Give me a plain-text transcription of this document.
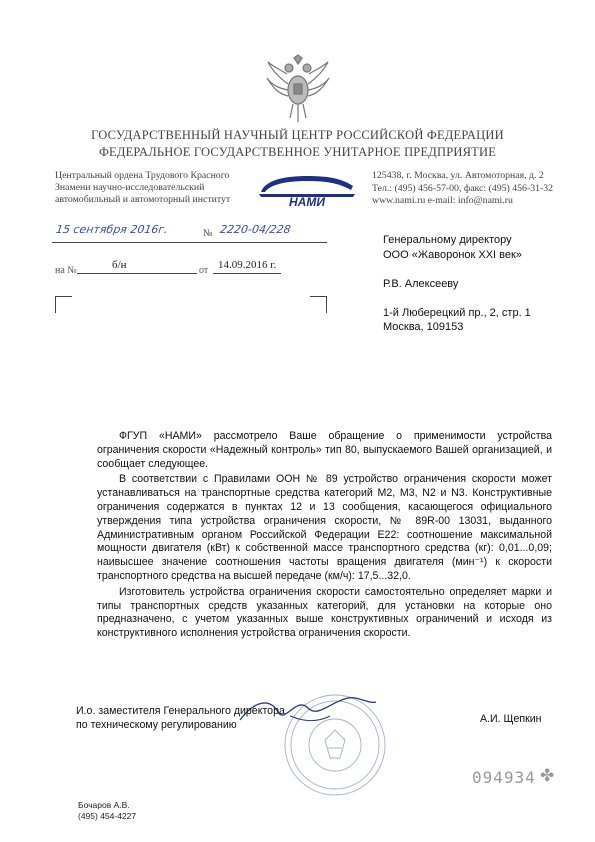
ГОСУДАРСТВЕННЫЙ НАУЧНЫЙ ЦЕНТР РОССИЙСКОЙ ФЕДЕРАЦИИ
ФЕДЕРАЛЬНОЕ ГОСУДАРСТВЕННОЕ УНИТАРНОЕ ПРЕДПРИЯТИЕ
Центральный ордена Трудового Красного
Знамени научно-исследовательский
автомобильный и автомоторный институт	НАМИ
125438, г. Москва, ул. Автомоторная, д. 2
Тел.: (495) 456-57-00, факс: (495) 456-31-32
www.nami.ru e-mail: info@nami.ru
15 сентября 2016г.	№ 2220-04/228
на №	б/н	от 14.09.2016 г.
Генеральному директору
ООО «Жаворонок XXI век»
Р.В. Алексееву
1-й Люберецкий пр., 2, стр. 1
Москва, 109153

ФГУП «НАМИ» рассмотрело Ваше обращение о применимости устройства ограничения скорости «Надежный контроль» тип 80, выпускаемого Вашей организацией, и сообщает следующее.

В соответствии с Правилами ООН № 89 устройство ограничения скорости может устанавливаться на транспортные средства категорий М2, М3, N2 и N3. Конструктивные ограничения содержатся в пунктах 12 и 13 сообщения, касающегося официального утверждения типа устройства ограничения скорости, № 89R-00 13031, выданного Административным органом Российской Федерации Е22: соотношение максимальной мощности двигателя (кВт) к собственной массе транспортного средства (кг): 0,01...0,09; наивысшее значение соотношения частоты вращения двигателя (мин⁻¹) к скорости транспортного средства на высшей передаче (км/ч): 17,5...32,0.

Изготовитель устройства ограничения скорости самостоятельно определяет марки и типы транспортных средств указанных категорий, для установки на которые оно предназначено, с учетом указанных выше конструктивных ограничений и исходя из конструктивного исполнения устройства ограничения скорости.

И.о. заместителя Генерального директора
по техническому регулированию	А.И. Щепкин
094934 ✤
Бочаров А.В.
(495) 454-4227
